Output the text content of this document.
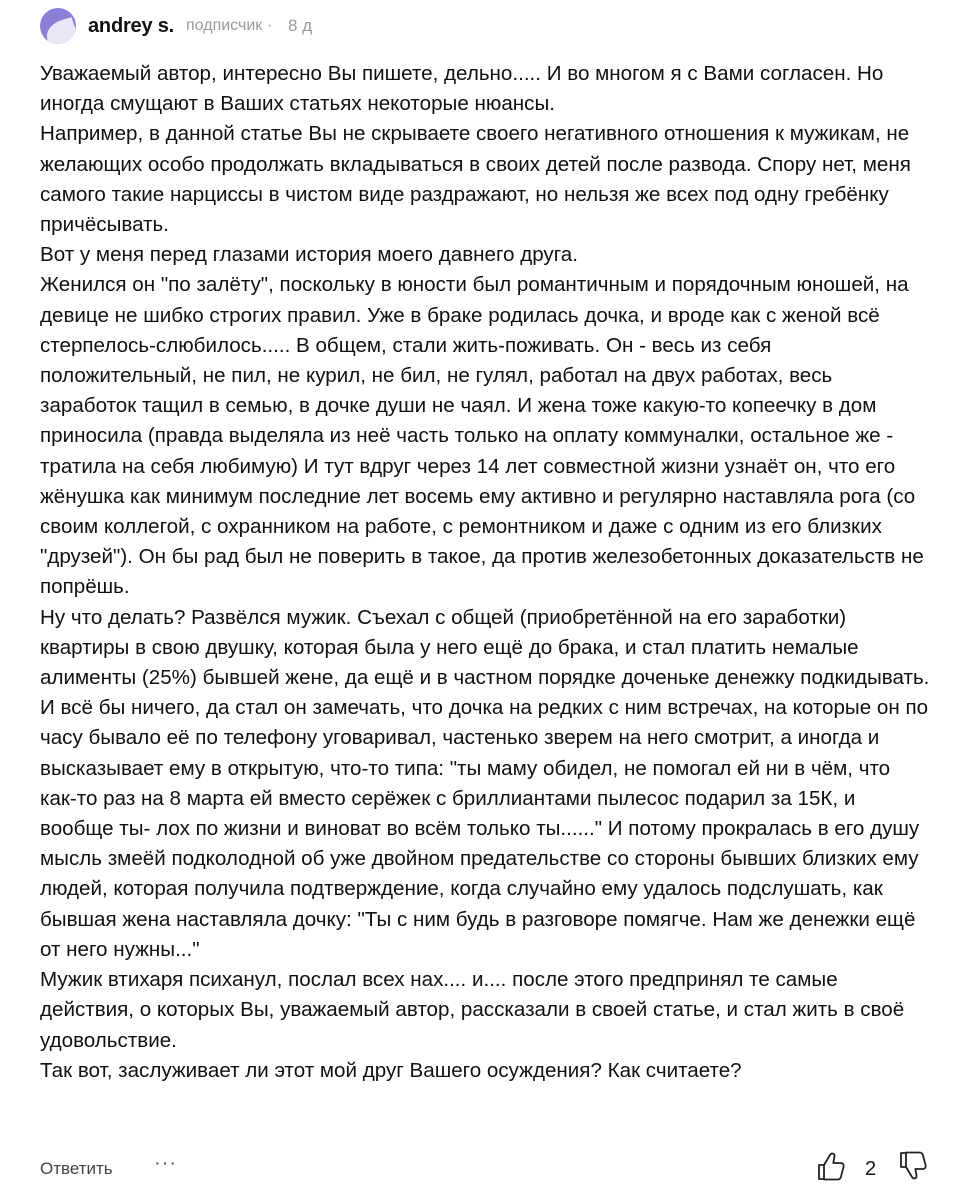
andrey s. подписчик · 8 д

Уважаемый автор, интересно Вы пишете, дельно..... И во многом я с Вами согласен. Но иногда смущают в Ваших статьях некоторые нюансы.

Например, в данной статье Вы не скрываете своего негативного отношения к мужикам, не желающих особо продолжать вкладываться в своих детей после развода. Спору нет, меня самого такие нарциссы в чистом виде раздражают, но нельзя же всех под одну гребёнку причёсывать.

Вот у меня перед глазами история моего давнего друга.

Женился он "по залёту", поскольку в юности был романтичным и порядочным юношей, на девице не шибко строгих правил. Уже в браке родилась дочка, и вроде как с женой всё стерпелось-слюбилось..... В общем, стали жить-поживать. Он - весь из себя положительный, не пил, не курил, не бил, не гулял, работал на двух работах, весь заработок тащил в семью, в дочке души не чаял. И жена тоже какую-то копеечку в дом приносила (правда выделяла из неё часть только на оплату коммуналки, остальное же - тратила на себя любимую) И тут вдруг через 14 лет совместной жизни узнаёт он, что его жёнушка как минимум последние лет восемь ему активно и регулярно наставляла рога (со своим коллегой, с охранником на работе, с ремонтником и даже с одним из его близких "друзей"). Он бы рад был не поверить в такое, да против железобетонных доказательств не попрёшь.

Ну что делать? Развёлся мужик. Съехал с общей (приобретённой на его заработки) квартиры в свою двушку, которая была у него ещё до брака, и стал платить немалые алименты (25%) бывшей жене, да ещё и в частном порядке доченьке денежку подкидывать.

И всё бы ничего, да стал он замечать, что дочка на редких с ним встречах, на которые он по часу бывало её по телефону уговаривал, частенько зверем на него смотрит, а иногда и высказывает ему в открытую, что-то типа: "ты маму обидел, не помогал ей ни в чём, что как-то раз на 8 марта ей вместо серёжек с бриллиантами пылесос подарил за 15К, и вообще ты- лох по жизни и виноват во всём только ты......" И потому прокралась в его душу мысль змеёй подколодной об уже двойном предательстве со стороны бывших близких ему людей, которая получила подтверждение, когда случайно ему удалось подслушать, как бывшая жена наставляла дочку: "Ты с ним будь в разговоре помягче. Нам же денежки ещё от него нужны..."

Мужик втихаря психанул, послал всех нах.... и.... после этого предпринял те самые действия, о которых Вы, уважаемый автор, рассказали в своей статье, и стал жить в своё удовольствие.

Так вот, заслуживает ли этот мой друг Вашего осуждения? Как считаете?

Ответить ···	2
